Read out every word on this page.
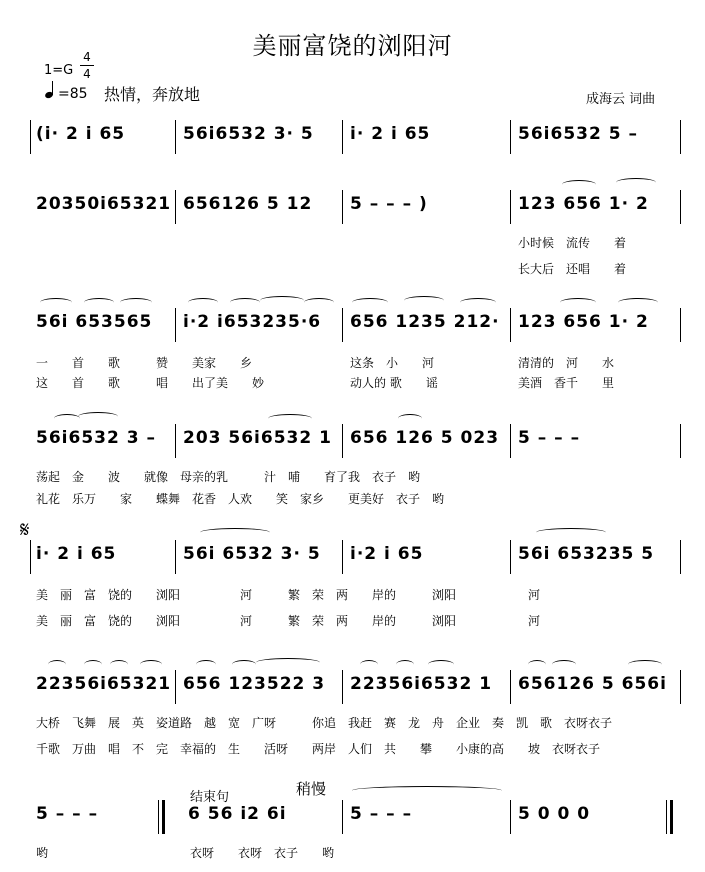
美丽富饶的浏阳河
1=G
4
4
=85 热情，奔放地	成海云 词曲
(i· 2 i 65	56i6532 3· 5 i· 2 i 65	56i6532 5 –
20350i65321 656126 5 12 5 – – – )	123 656 1· 2
小时候　流传　　着
长大后　还唱　　着
56i 653565 i·2 i653235·6 656 1235 212· 123 656 1· 2
一　　首　　歌　　　赞　　美家　　乡	这条　小　　河	清清的　河　　水
这　　首　　歌　　　唱　　出了美　　妙	动人的 歌　　谣	美酒　香千　　里
56i6532 3 – 203 56i6532 1 656 126 5 023 5 – – –
荡起　金　　波　　就像　母亲的乳　　　汁　哺　　育了我　衣子　哟
礼花　乐万　　家　　蝶舞　花香　人欢　　笑　家乡　　更美好　衣子　哟
𝄋
i· 2 i 65	56i 6532 3· 5 i·2 i 65	56i 653235 5
美　丽　富　饶的　　浏阳　　　　　河　　　繁　荣　两　　岸的　　　浏阳　　　　　　河
美　丽　富　饶的　　浏阳　　　　　河　　　繁　荣　两　　岸的　　　浏阳　　　　　　河
22356i65321 656 123522 3 22356i6532 1 656126 5 656i
大桥　飞舞　展　英　姿道路　越　宽　广呀　　　你追　我赶　赛　龙　舟　企业　奏　凯　歌　衣呀衣子
千歌　万曲　唱　不　完　幸福的　生　　活呀　　两岸　人们　共　　攀　　小康的高　　坡　衣呀衣子
5 – – –
结束句	稍慢
6 56 i2 6i	5 – – –	5 0 0 0
哟	衣呀　　衣呀　衣子　　哟
